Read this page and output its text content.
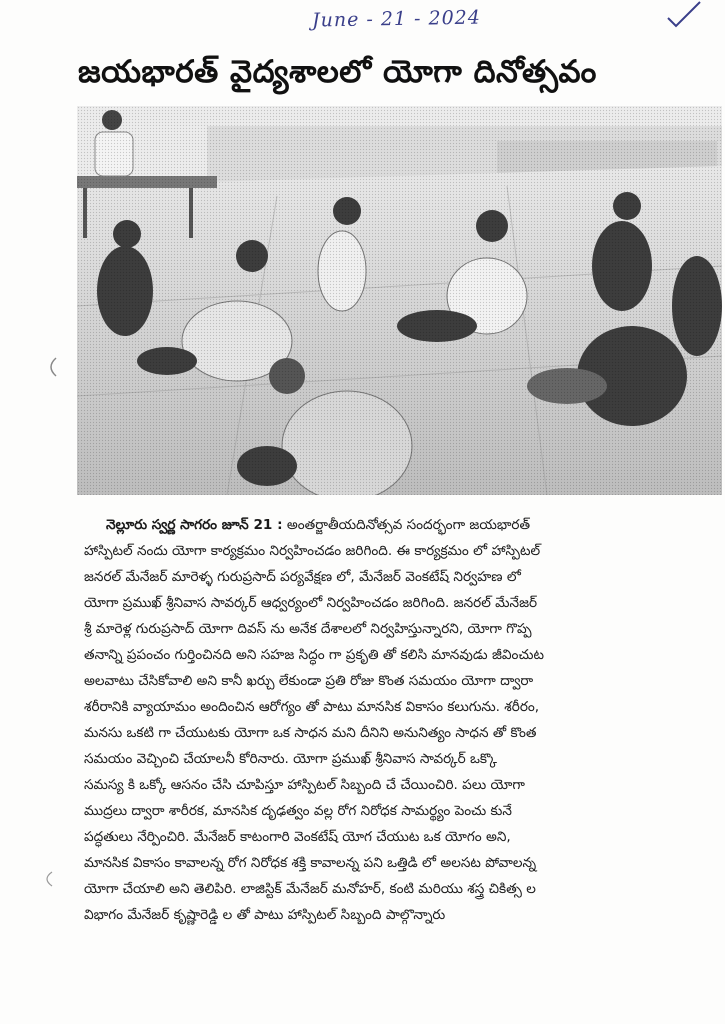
June - 21 - 2024
జయభారత్ వైద్యశాలలో యోగా దినోత్సవం

నెల్లూరు స్వర్ణ సాగరం జూన్ 21 : అంతర్జాతీయదినోత్సవ సందర్భంగా జయభారత్
హాస్పిటల్ నందు యోగా కార్యక్రమం నిర్వహించడం జరిగింది. ఈ కార్యక్రమం లో హాస్పిటల్
జనరల్ మేనేజర్ మారెళ్ళ గురుప్రసాద్ పర్యవేక్షణ లో, మేనేజర్ వెంకటేష్ నిర్వహణ లో
యోగా ప్రముఖ్ శ్రీనివాస సావర్కర్ ఆధ్వర్యంలో నిర్వహించడం జరిగింది. జనరల్ మేనేజర్
శ్రీ మారెళ్ల గురుప్రసాద్ యోగా దివస్ ను అనేక దేశాలలో నిర్వహిస్తున్నారని, యోగా గొప్ప
తనాన్ని ప్రపంచం గుర్తించినది అని సహజ సిద్ధం గా ప్రకృతి తో కలిసి మానవుడు జీవించుట
అలవాటు చేసికోవాలి అని కానీ ఖర్చు లేకుండా ప్రతి రోజు కొంత సమయం యోగా ద్వారా
శరీరానికి వ్యాయామం అందించిన ఆరోగ్యం తో పాటు మానసిక వికాసం కలుగును. శరీరం,
మనసు ఒకటి గా చేయుటకు యోగా ఒక సాధన మని దీనిని అనునిత్యం సాధన తో కొంత
సమయం వెచ్చించి చేయాలనీ కోరినారు. యోగా ప్రముఖ్ శ్రీనివాస సావర్కర్ ఒక్కొ
సమస్య కి ఒక్కో ఆసనం చేసి చూపిస్తూ హాస్పిటల్ సిబ్బంది చే చేయించిరి. పలు యోగా
ముద్రలు ద్వారా శారీరక, మానసిక దృఢత్వం వల్ల రోగ నిరోధక సామర్థ్యం పెంచు కునే
పద్ధతులు నేర్పించిరి. మేనేజర్ కాటంగారి వెంకటేష్ యోగ చేయుట ఒక యోగం అని,
మానసిక వికాసం కావాలన్న రోగ నిరోధక శక్తి కావాలన్న పని ఒత్తిడి లో అలసట పోవాలన్న
యోగా చేయాలి అని తెలిపిరి. లాజిస్టిక్ మేనేజర్ మనోహర్, కంటి మరియు శస్త్ర చికిత్స ల
విభాగం మేనేజర్ కృష్ణారెడ్డి ల తో పాటు హాస్పిటల్ సిబ్బంది పాల్గొన్నారు
